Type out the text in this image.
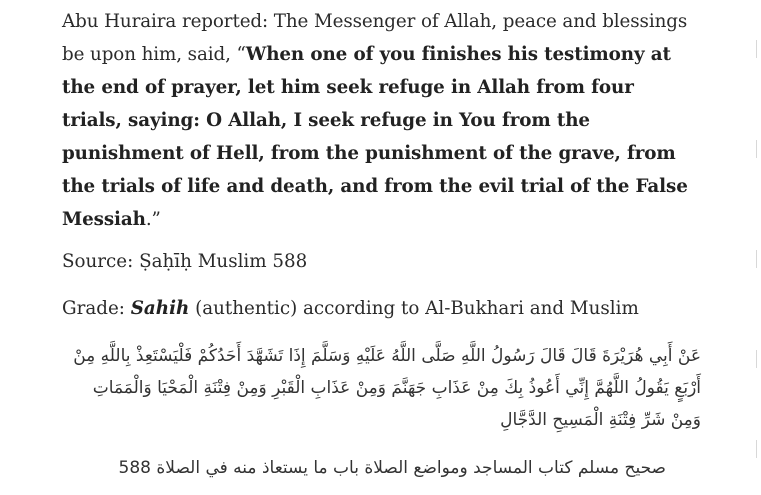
Abu Huraira reported: The Messenger of Allah, peace and blessings be upon him, said, “When one of you finishes his testimony at the end of prayer, let him seek refuge in Allah from four trials, saying: O Allah, I seek refuge in You from the punishment of Hell, from the punishment of the grave, from the trials of life and death, and from the evil trial of the False Messiah.”

Source: Ṣaḥīḥ Muslim 588

Grade: Sahih (authentic) according to Al-Bukhari and Muslim

عَنْ أَبِي هُرَيْرَةَ قَالَ قَالَ رَسُولُ اللَّهِ صَلَّى اللَّهُ عَلَيْهِ وَسَلَّمَ إِذَا تَشَهَّدَ أَحَدُكُمْ فَلْيَسْتَعِذْ بِاللَّهِ مِنْ أَرْبَعٍ يَقُولُ اللَّهُمَّ إِنِّي أَعُوذُ بِكَ مِنْ عَذَابِ جَهَنَّمَ وَمِنْ عَذَابِ الْقَبْرِ وَمِنْ فِتْنَةِ الْمَحْيَا وَالْمَمَاتِ وَمِنْ شَرِّ فِتْنَةِ الْمَسِيحِ الدَّجَّالِ

صحيح مسلم كتاب المساجد ومواضع الصلاة باب ما يستعاذ منه في الصلاة 588
